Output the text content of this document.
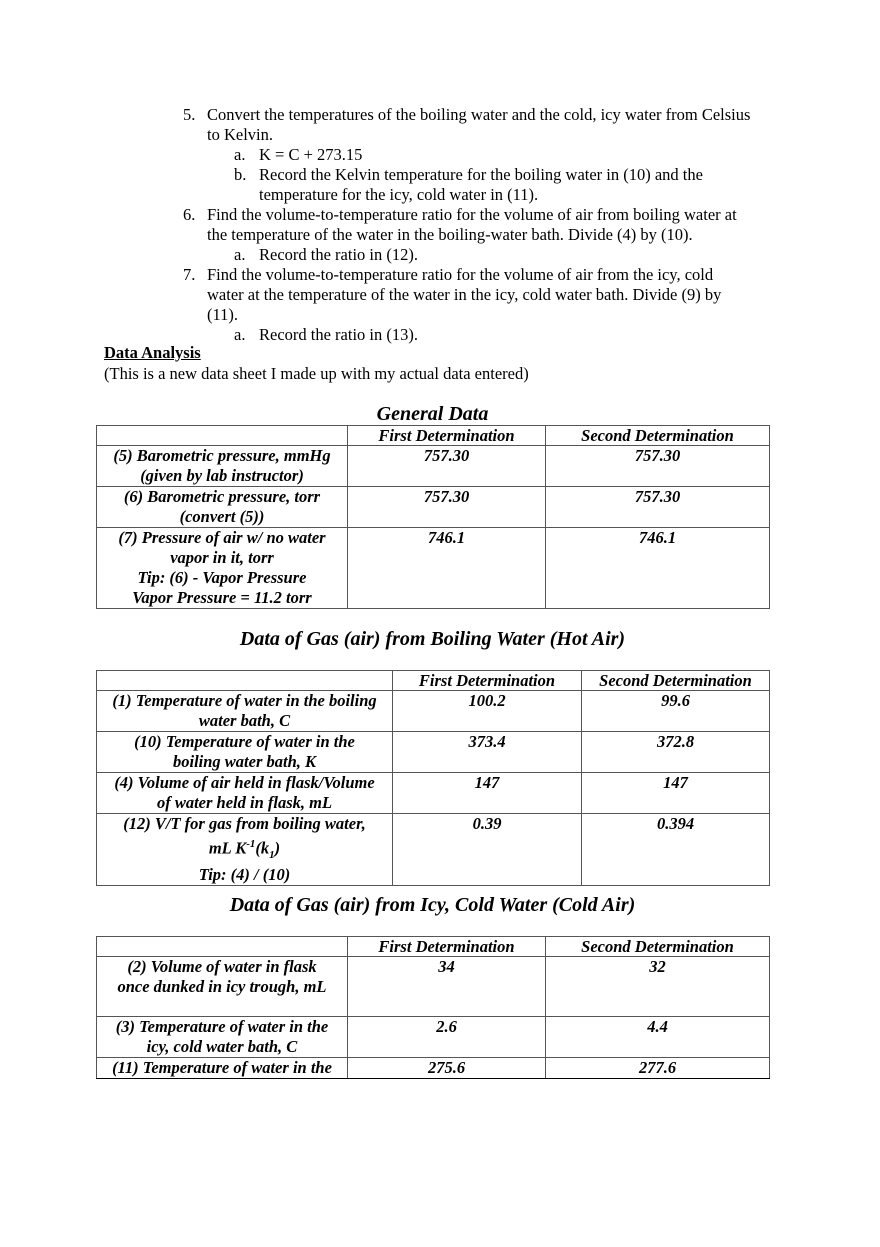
5. Convert the temperatures of the boiling water and the cold, icy water from Celsius
to Kelvin.
a. K = C + 273.15
b. Record the Kelvin temperature for the boiling water in (10) and the
temperature for the icy, cold water in (11).
6. Find the volume-to-temperature ratio for the volume of air from boiling water at
the temperature of the water in the boiling-water bath. Divide (4) by (10).
a. Record the ratio in (12).
7. Find the volume-to-temperature ratio for the volume of air from the icy, cold
water at the temperature of the water in the icy, cold water bath. Divide (9) by
(11).
a. Record the ratio in (13).
Data Analysis
(This is a new data sheet I made up with my actual data entered)
General Data
	First Determination	Second Determination
(5) Barometric pressure, mmHg
(given by lab instructor)	757.30	757.30
(6) Barometric pressure, torr
(convert (5))	757.30	757.30
(7) Pressure of air w/ no water
vapor in it, torr
Tip: (6) - Vapor Pressure
Vapor Pressure = 11.2 torr	746.1	746.1
Data of Gas (air) from Boiling Water (Hot Air)
	First Determination	Second Determination
(1) Temperature of water in the boiling
water bath, C	100.2	99.6
(10) Temperature of water in the
boiling water bath, K	373.4	372.8
(4) Volume of air held in flask/Volume
of water held in flask, mL	147	147
(12) V/T for gas from boiling water,
mL $K^{-1}(k_1)$
Tip: (4) / (10)	0.39	0.394
Data of Gas (air) from Icy, Cold Water (Cold Air)
	First Determination	Second Determination
(2) Volume of water in flask
once dunked in icy trough, mL	34	32
(3) Temperature of water in the
icy, cold water bath, C	2.6	4.4
(11) Temperature of water in the	275.6	277.6
